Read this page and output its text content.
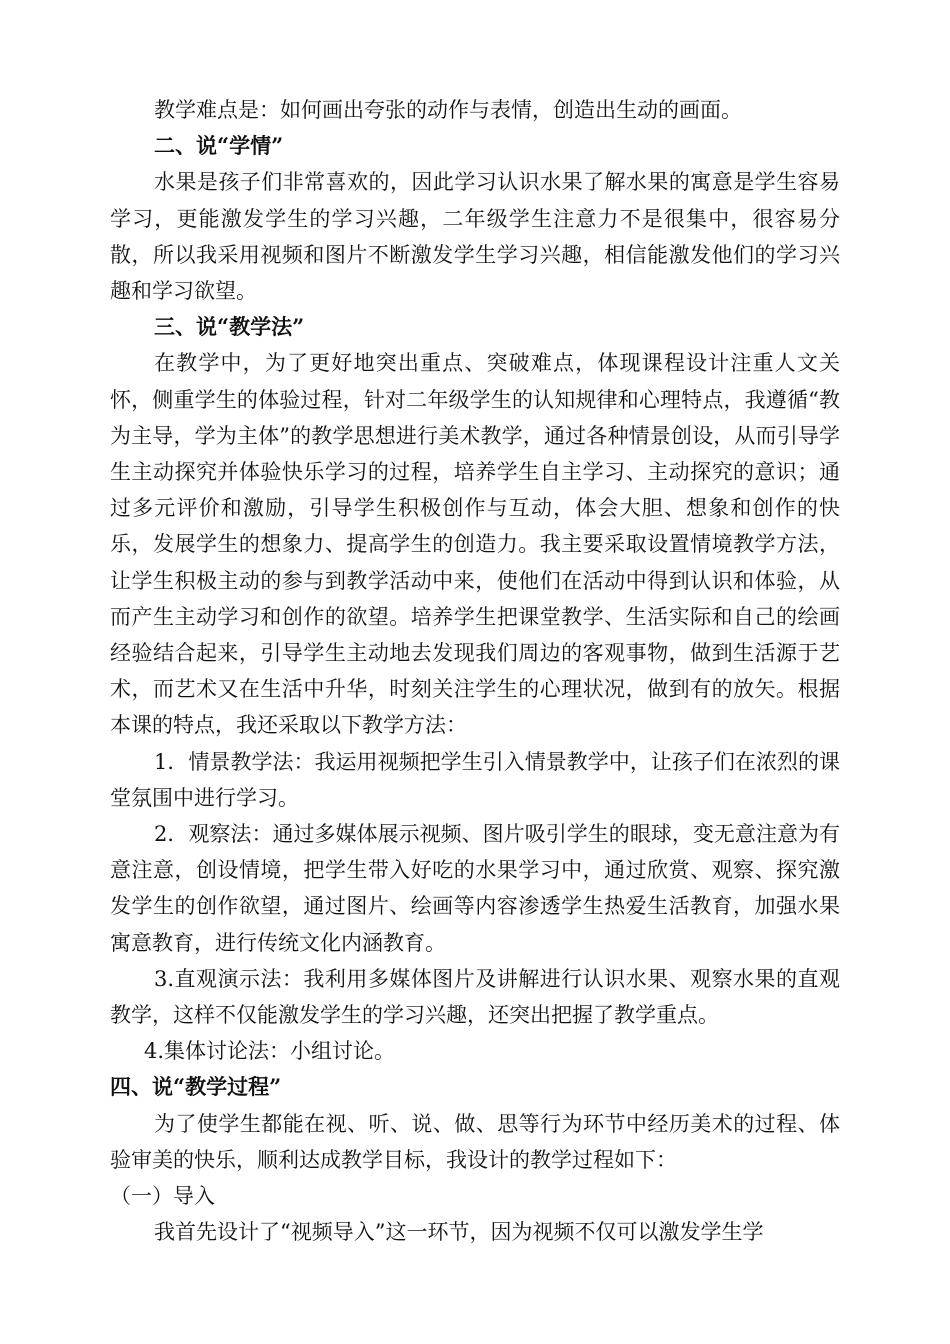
教学难点是：如何画出夸张的动作与表情，创造出生动的画面。

二、说“学情”

水果是孩子们非常喜欢的，因此学习认识水果了解水果的寓意是学生容易学习，更能激发学生的学习兴趣，二年级学生注意力不是很集中，很容易分散，所以我采用视频和图片不断激发学生学习兴趣，相信能激发他们的学习兴趣和学习欲望。

三、说“教学法”

在教学中，为了更好地突出重点、突破难点，体现课程设计注重人文关怀，侧重学生的体验过程，针对二年级学生的认知规律和心理特点，我遵循“教为主导，学为主体”的教学思想进行美术教学，通过各种情景创设，从而引导学生主动探究并体验快乐学习的过程，培养学生自主学习、主动探究的意识；通过多元评价和激励，引导学生积极创作与互动，体会大胆、想象和创作的快乐，发展学生的想象力、提高学生的创造力。我主要采取设置情境教学方法，让学生积极主动的参与到教学活动中来，使他们在活动中得到认识和体验，从而产生主动学习和创作的欲望。培养学生把课堂教学、生活实际和自己的绘画经验结合起来，引导学生主动地去发现我们周边的客观事物，做到生活源于艺术，而艺术又在生活中升华，时刻关注学生的心理状况，做到有的放矢。根据本课的特点，我还采取以下教学方法：

1．情景教学法：我运用视频把学生引入情景教学中，让孩子们在浓烈的课堂氛围中进行学习。

2．观察法：通过多媒体展示视频、图片吸引学生的眼球，变无意注意为有意注意，创设情境，把学生带入好吃的水果学习中，通过欣赏、观察、探究激发学生的创作欲望，通过图片、绘画等内容渗透学生热爱生活教育，加强水果寓意教育，进行传统文化内涵教育。

3.直观演示法：我利用多媒体图片及讲解进行认识水果、观察水果的直观教学，这样不仅能激发学生的学习兴趣，还突出把握了教学重点。

4.集体讨论法：小组讨论。

四、说“教学过程”

为了使学生都能在视、听、说、做、思等行为环节中经历美术的过程、体验审美的快乐，顺利达成教学目标，我设计的教学过程如下：

（一）导入

我首先设计了“视频导入”这一环节，因为视频不仅可以激发学生学
